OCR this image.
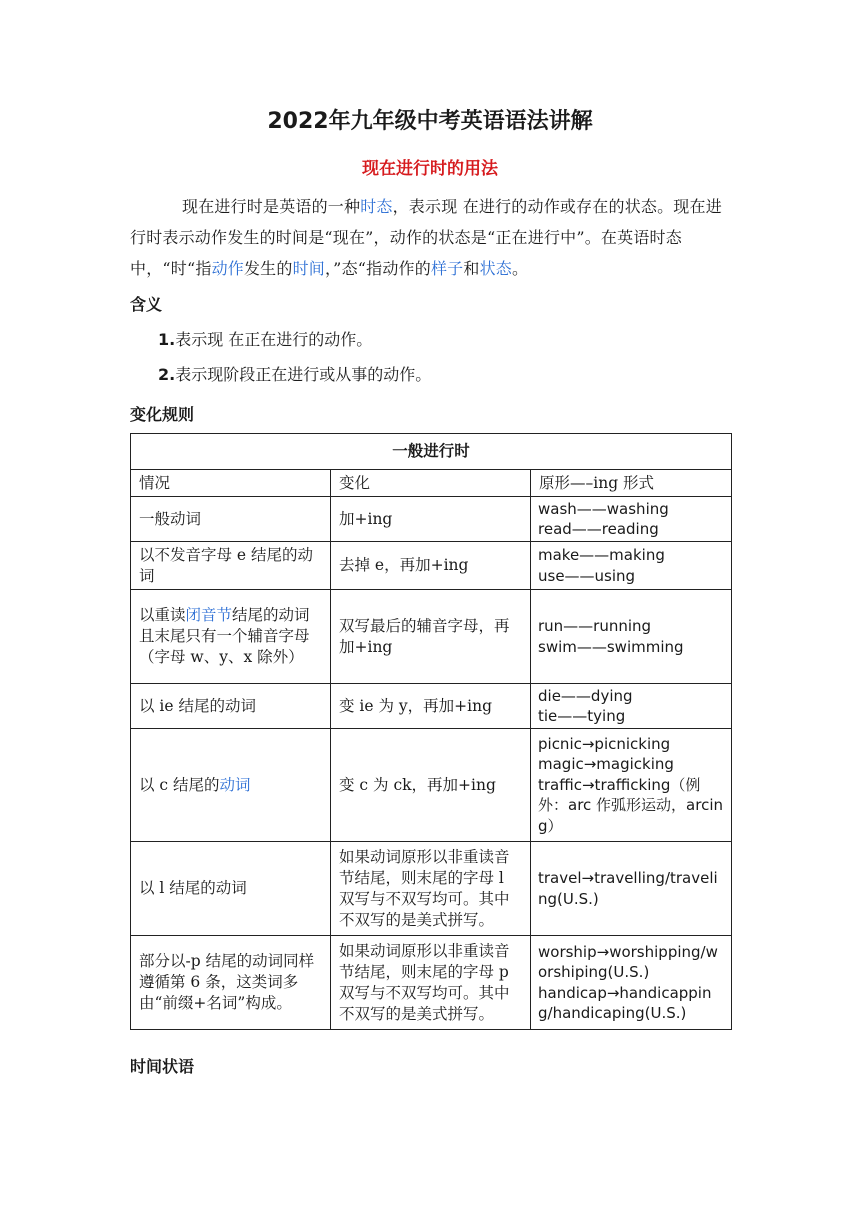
2022年九年级中考英语语法讲解
现在进行时的用法
现在进行时是英语的一种时态，表示现 在进行的动作或存在的状态。现在进行时表示动作发生的时间是“现在”，动作的状态是“正在进行中”。在英语时态中，“时“指动作发生的时间，”态“指动作的样子和状态。
含义
1.表示现 在正在进行的动作。
2.表示现阶段正在进行或从事的动作。
变化规则
一般进行时		
情况	变化	原形—–ing 形式
一般动词	加+ing	wash——washing
read——reading

以不发音字母 e 结尾的动词	去掉 e，再加+ing	make——making
use——using

以重读闭音节结尾的动词且末尾只有一个辅音字母（字母 w、y、x 除外）	双写最后的辅音字母，再加+ing	run——running
swim——swimming

以 ie 结尾的动词	变 ie 为 y，再加+ing	die——dying
tie——tying

以 c 结尾的动词	变 c 为 ck，再加+ing	picnic→picnicking
magic→magicking
traffic→trafficking（例外：arc 作弧形运动，arcing）

以 l 结尾的动词	如果动词原形以非重读音节结尾，则末尾的字母 l 双写与不双写均可。其中不双写的是美式拼写。	travel→travelling/traveling(U.S.)

部分以-p 结尾的动词同样遵循第 6 条，这类词多由“前缀+名词”构成。	如果动词原形以非重读音节结尾，则末尾的字母 p 双写与不双写均可。其中不双写的是美式拼写。	worship→worshipping/worshiping(U.S.)
handicap→handicapping/handicaping(U.S.)
时间状语
